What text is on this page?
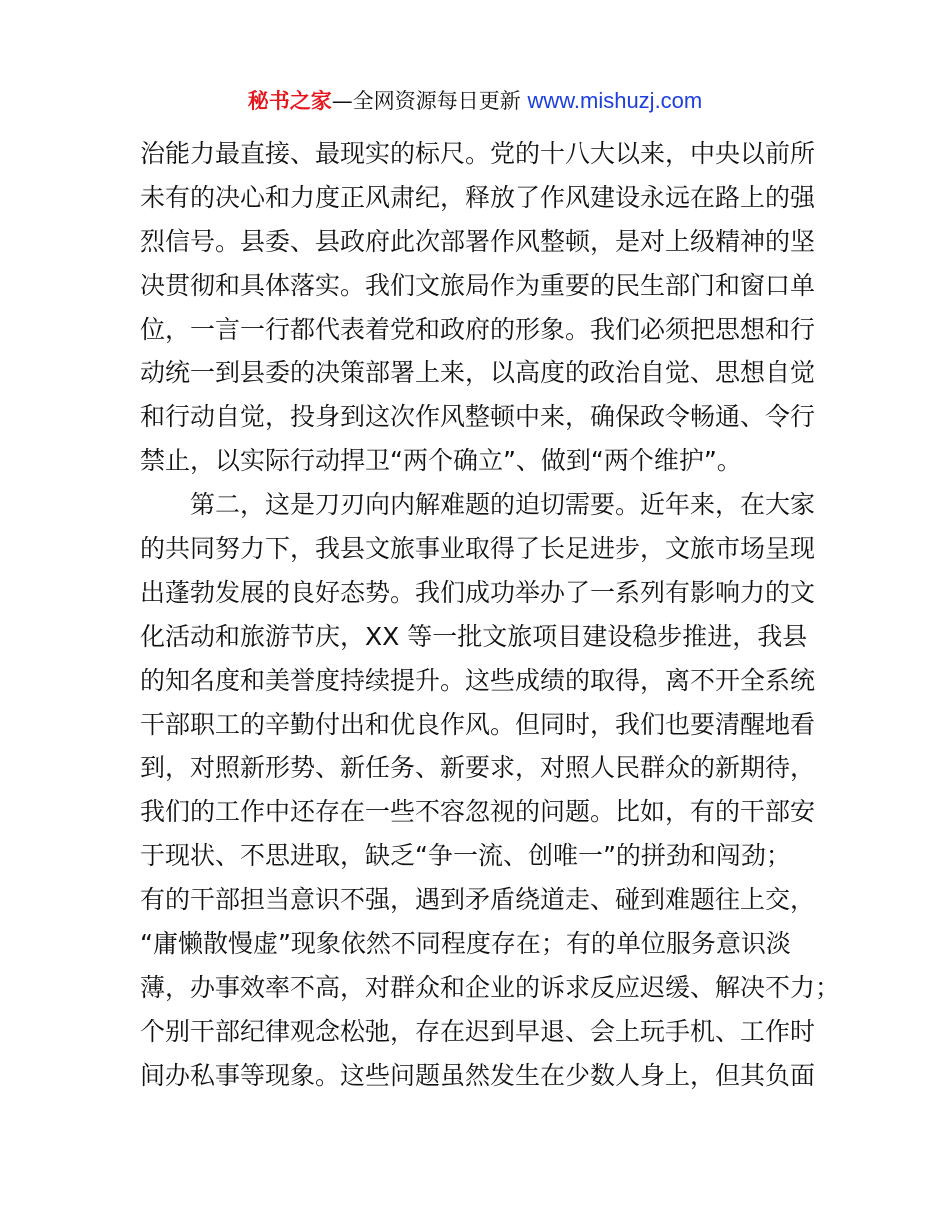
秘书之家—全网资源每日更新 www.mishuzj.com
治能力最直接、最现实的标尺。党的十八大以来，中央以前所
未有的决心和力度正风肃纪，释放了作风建设永远在路上的强
烈信号。县委、县政府此次部署作风整顿，是对上级精神的坚
决贯彻和具体落实。我们文旅局作为重要的民生部门和窗口单
位，一言一行都代表着党和政府的形象。我们必须把思想和行
动统一到县委的决策部署上来，以高度的政治自觉、思想自觉
和行动自觉，投身到这次作风整顿中来，确保政令畅通、令行
禁止，以实际行动捍卫“两个确立”、做到“两个维护”。
第二，这是刀刃向内解难题的迫切需要。近年来，在大家
的共同努力下，我县文旅事业取得了长足进步，文旅市场呈现
出蓬勃发展的良好态势。我们成功举办了一系列有影响力的文
化活动和旅游节庆，XX 等一批文旅项目建设稳步推进，我县
的知名度和美誉度持续提升。这些成绩的取得，离不开全系统
干部职工的辛勤付出和优良作风。但同时，我们也要清醒地看
到，对照新形势、新任务、新要求，对照人民群众的新期待，
我们的工作中还存在一些不容忽视的问题。比如，有的干部安
于现状、不思进取，缺乏“争一流、创唯一”的拼劲和闯劲；
有的干部担当意识不强，遇到矛盾绕道走、碰到难题往上交，
“庸懒散慢虚”现象依然不同程度存在；有的单位服务意识淡
薄，办事效率不高，对群众和企业的诉求反应迟缓、解决不力；
个别干部纪律观念松弛，存在迟到早退、会上玩手机、工作时
间办私事等现象。这些问题虽然发生在少数人身上，但其负面
